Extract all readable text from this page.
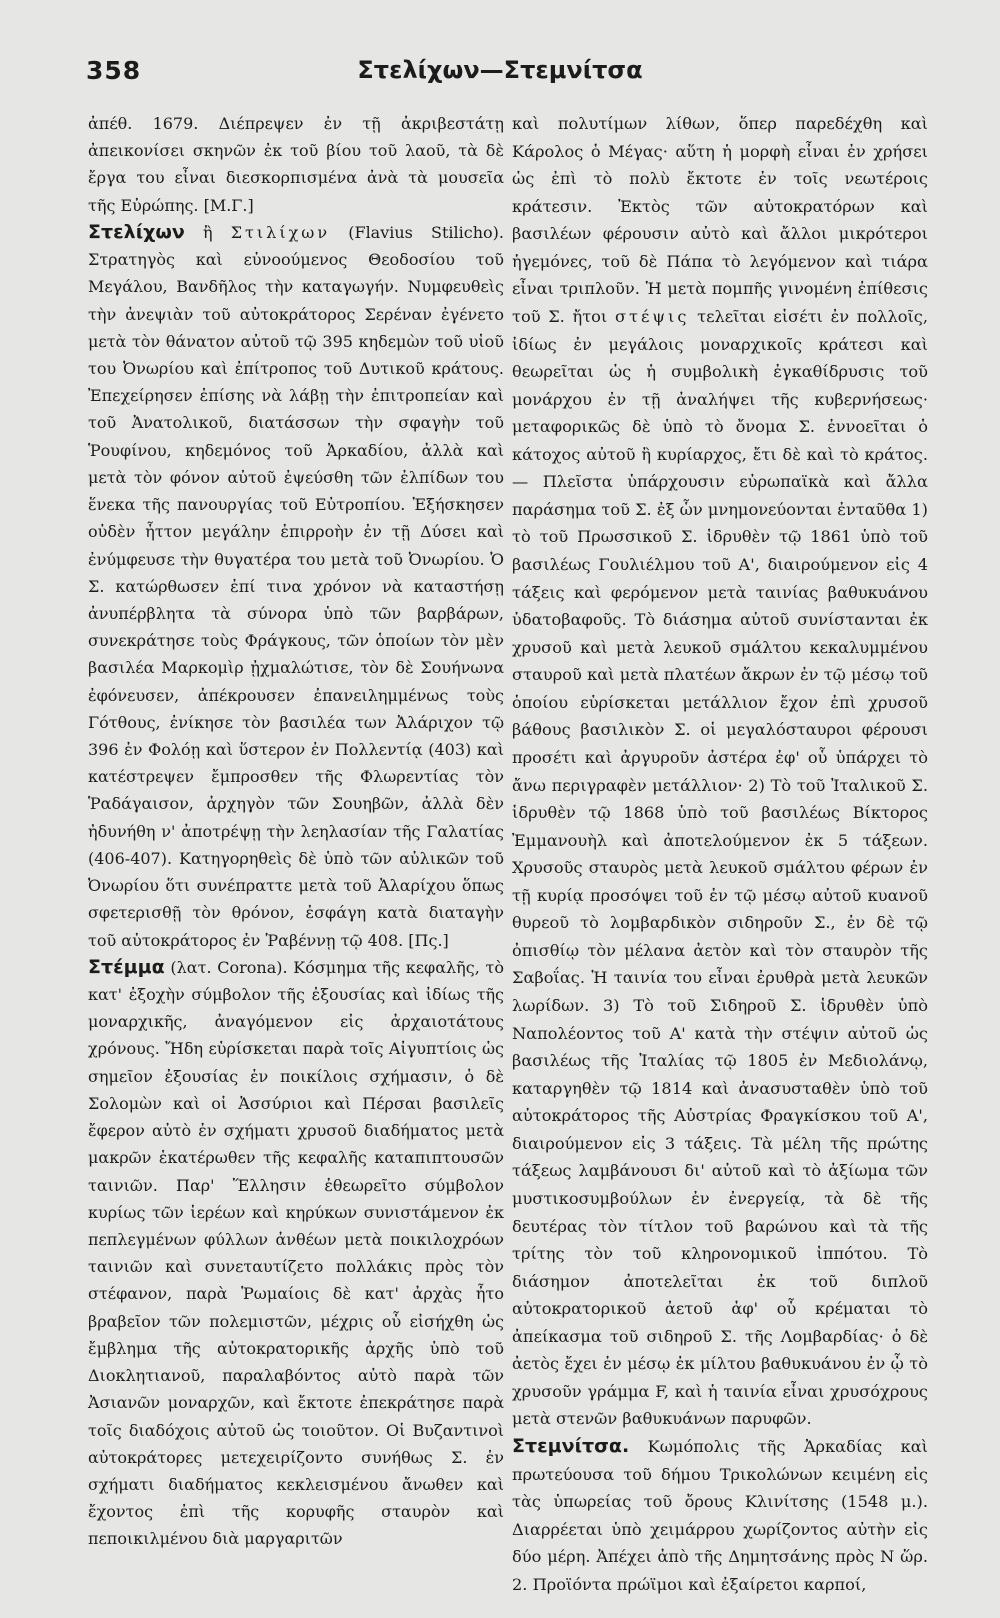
358	Στελίχων—Στεμνίτσα

ἀπέθ. 1679. Διέπρεψεν ἐν τῇ ἀκριβεστάτῃ ἀπεικονίσει σκηνῶν ἐκ τοῦ βίου τοῦ λαοῦ, τὰ δὲ ἔργα του εἶναι διεσκορπισμένα ἀνὰ τὰ μουσεῖα τῆς Εὐρώπης. [Μ.Γ.]

Στελίχων ἢ Στιλίχων (Flavius Stilicho). Στρατηγὸς καὶ εὐνοούμενος Θεοδοσίου τοῦ Μεγάλου, Βανδῆλος τὴν καταγωγήν. Νυμφευθεὶς τὴν ἀνεψιὰν τοῦ αὐτοκράτορος Σερέναν ἐγένετο μετὰ τὸν θάνατον αὐτοῦ τῷ 395 κηδεμὼν τοῦ υἱοῦ του Ὀνωρίου καὶ ἐπίτροπος τοῦ Δυτικοῦ κράτους. Ἐπεχείρησεν ἐπίσης νὰ λάβῃ τὴν ἐπιτροπείαν καὶ τοῦ Ἀνατολικοῦ, διατάσσων τὴν σφαγὴν τοῦ Ῥουφίνου, κηδεμόνος τοῦ Ἀρκαδίου, ἀλλὰ καὶ μετὰ τὸν φόνον αὐτοῦ ἐψεύσθη τῶν ἐλπίδων του ἕνεκα τῆς πανουργίας τοῦ Εὐτροπίου. Ἐξήσκησεν οὐδὲν ἧττον μεγάλην ἐπιρροὴν ἐν τῇ Δύσει καὶ ἐνύμφευσε τὴν θυγατέρα του μετὰ τοῦ Ὀνωρίου. Ὁ Σ. κατώρθωσεν ἐπί τινα χρόνον νὰ καταστήσῃ ἀνυπέρβλητα τὰ σύνορα ὑπὸ τῶν βαρβάρων, συνεκράτησε τοὺς Φράγκους, τῶν ὁποίων τὸν μὲν βασιλέα Μαρκομὶρ ᾐχμαλώτισε, τὸν δὲ Σουήνωνα ἐφόνευσεν, ἀπέκρουσεν ἐπανειλημμένως τοὺς Γότθους, ἐνίκησε τὸν βασιλέα των Ἀλάριχον τῷ 396 ἐν Φολόῃ καὶ ὕστερον ἐν Πολλεντίᾳ (403) καὶ κατέστρεψεν ἔμπροσθεν τῆς Φλωρεντίας τὸν Ῥαδάγαισον, ἀρχηγὸν τῶν Σουηβῶν, ἀλλὰ δὲν ἠδυνήθη ν' ἀποτρέψῃ τὴν λεηλασίαν τῆς Γαλατίας (406-407). Κατηγορηθεὶς δὲ ὑπὸ τῶν αὐλικῶν τοῦ Ὀνωρίου ὅτι συνέπραττε μετὰ τοῦ Ἀλαρίχου ὅπως σφετερισθῇ τὸν θρόνον, ἐσφάγη κατὰ διαταγὴν τοῦ αὐτοκράτορος ἐν Ῥαβέννῃ τῷ 408. [Πς.]

Στέμμα (λατ. Corona). Κόσμημα τῆς κεφαλῆς, τὸ κατ' ἐξοχὴν σύμβολον τῆς ἐξουσίας καὶ ἰδίως τῆς μοναρχικῆς, ἀναγόμενον εἰς ἀρχαιοτάτους χρόνους. Ἤδη εὑρίσκεται παρὰ τοῖς Αἰγυπτίοις ὡς σημεῖον ἐξουσίας ἐν ποικίλοις σχήμασιν, ὁ δὲ Σολομὼν καὶ οἱ Ἀσσύριοι καὶ Πέρσαι βασιλεῖς ἔφερον αὐτὸ ἐν σχήματι χρυσοῦ διαδήματος μετὰ μακρῶν ἑκατέρωθεν τῆς κεφαλῆς καταπιπτουσῶν ταινιῶν. Παρ' Ἕλλησιν ἐθεωρεῖτο σύμβολον κυρίως τῶν ἱερέων καὶ κηρύκων συνιστάμενον ἐκ πεπλεγμένων φύλλων ἀνθέων μετὰ ποικιλοχρόων ταινιῶν καὶ συνεταυτίζετο πολλάκις πρὸς τὸν στέφανον, παρὰ Ῥωμαίοις δὲ κατ' ἀρχὰς ἦτο βραβεῖον τῶν πολεμιστῶν, μέχρις οὗ εἰσήχθη ὡς ἔμβλημα τῆς αὐτοκρατορικῆς ἀρχῆς ὑπὸ τοῦ Διοκλητιανοῦ, παραλαβόντος αὐτὸ παρὰ τῶν Ἀσιανῶν μοναρχῶν, καὶ ἔκτοτε ἐπεκράτησε παρὰ τοῖς διαδόχοις αὐτοῦ ὡς τοιοῦτον. Οἱ Βυζαντινοὶ αὐτοκράτορες μετεχειρίζοντο συνήθως Σ. ἐν σχήματι διαδήματος κεκλεισμένου ἄνωθεν καὶ ἔχοντος ἐπὶ τῆς κορυφῆς σταυρὸν καὶ πεποικιλμένου διὰ μαργαριτῶν

καὶ πολυτίμων λίθων, ὅπερ παρεδέχθη καὶ Κάρολος ὁ Μέγας· αὕτη ἡ μορφὴ εἶναι ἐν χρήσει ὡς ἐπὶ τὸ πολὺ ἔκτοτε ἐν τοῖς νεωτέροις κράτεσιν. Ἐκτὸς τῶν αὐτοκρατόρων καὶ βασιλέων φέρουσιν αὐτὸ καὶ ἄλλοι μικρότεροι ἡγεμόνες, τοῦ δὲ Πάπα τὸ λεγόμενον καὶ τιάρα εἶναι τριπλοῦν. Ἡ μετὰ πομπῆς γινομένη ἐπίθεσις τοῦ Σ. ἤτοι στέψις τελεῖται εἰσέτι ἐν πολλοῖς, ἰδίως ἐν μεγάλοις μοναρχικοῖς κράτεσι καὶ θεωρεῖται ὡς ἡ συμβολικὴ ἐγκαθίδρυσις τοῦ μονάρχου ἐν τῇ ἀναλήψει τῆς κυβερνήσεως· μεταφορικῶς δὲ ὑπὸ τὸ ὄνομα Σ. ἐννοεῖται ὁ κάτοχος αὐτοῦ ἢ κυρίαρχος, ἔτι δὲ καὶ τὸ κράτος. — Πλεῖστα ὑπάρχουσιν εὐρωπαϊκὰ καὶ ἄλλα παράσημα τοῦ Σ. ἐξ ὧν μνημονεύονται ἐνταῦθα 1) τὸ τοῦ Πρωσσικοῦ Σ. ἱδρυθὲν τῷ 1861 ὑπὸ τοῦ βασιλέως Γουλιέλμου τοῦ Α', διαιρούμενον εἰς 4 τάξεις καὶ φερόμενον μετὰ ταινίας βαθυκυάνου ὑδατοβαφοῦς. Τὸ διάσημα αὐτοῦ συνίστανται ἐκ χρυσοῦ καὶ μετὰ λευκοῦ σμάλτου κεκαλυμμένου σταυροῦ καὶ μετὰ πλατέων ἄκρων ἐν τῷ μέσῳ τοῦ ὁποίου εὑρίσκεται μετάλλιον ἔχον ἐπὶ χρυσοῦ βάθους βασιλικὸν Σ. οἱ μεγαλόσταυροι φέρουσι προσέτι καὶ ἀργυροῦν ἀστέρα ἐφ' οὗ ὑπάρχει τὸ ἄνω περιγραφὲν μετάλλιον· 2) Τὸ τοῦ Ἰταλικοῦ Σ. ἱδρυθὲν τῷ 1868 ὑπὸ τοῦ βασιλέως Βίκτορος Ἐμμανουὴλ καὶ ἀποτελούμενον ἐκ 5 τάξεων. Χρυσοῦς σταυρὸς μετὰ λευκοῦ σμάλτου φέρων ἐν τῇ κυρίᾳ προσόψει τοῦ ἐν τῷ μέσῳ αὐτοῦ κυανοῦ θυρεοῦ τὸ λομβαρδικὸν σιδηροῦν Σ., ἐν δὲ τῷ ὀπισθίῳ τὸν μέλανα ἀετὸν καὶ τὸν σταυρὸν τῆς Σαβοΐας. Ἡ ταινία του εἶναι ἐρυθρὰ μετὰ λευκῶν λωρίδων. 3) Τὸ τοῦ Σιδηροῦ Σ. ἱδρυθὲν ὑπὸ Ναπολέοντος τοῦ Α' κατὰ τὴν στέψιν αὐτοῦ ὡς βασιλέως τῆς Ἰταλίας τῷ 1805 ἐν Μεδιολάνῳ, καταργηθὲν τῷ 1814 καὶ ἀνασυσταθὲν ὑπὸ τοῦ αὐτοκράτορος τῆς Αὐστρίας Φραγκίσκου τοῦ Α', διαιρούμενον εἰς 3 τάξεις. Τὰ μέλη τῆς πρώτης τάξεως λαμβάνουσι δι' αὐτοῦ καὶ τὸ ἀξίωμα τῶν μυστικοσυμβούλων ἐν ἐνεργείᾳ, τὰ δὲ τῆς δευτέρας τὸν τίτλον τοῦ βαρώνου καὶ τὰ τῆς τρίτης τὸν τοῦ κληρονομικοῦ ἱππότου. Τὸ διάσημον ἀποτελεῖται ἐκ τοῦ διπλοῦ αὐτοκρατορικοῦ ἀετοῦ ἀφ' οὗ κρέμαται τὸ ἀπείκασμα τοῦ σιδηροῦ Σ. τῆς Λομβαρδίας· ὁ δὲ ἀετὸς ἔχει ἐν μέσῳ ἐκ μίλτου βαθυκυάνου ἐν ᾧ τὸ χρυσοῦν γράμμα F, καὶ ἡ ταινία εἶναι χρυσόχρους μετὰ στενῶν βαθυκυάνων παρυφῶν.

Στεμνίτσα. Κωμόπολις τῆς Ἀρκαδίας καὶ πρωτεύουσα τοῦ δήμου Τρικολώνων κειμένη εἰς τὰς ὑπωρείας τοῦ ὄρους Κλινίτσης (1548 μ.). Διαρρέεται ὑπὸ χειμάρρου χωρίζοντος αὐτὴν εἰς δύο μέρη. Ἀπέχει ἀπὸ τῆς Δημητσάνης πρὸς Ν ὥρ. 2. Προϊόντα πρώϊμοι καὶ ἐξαίρετοι καρποί,
